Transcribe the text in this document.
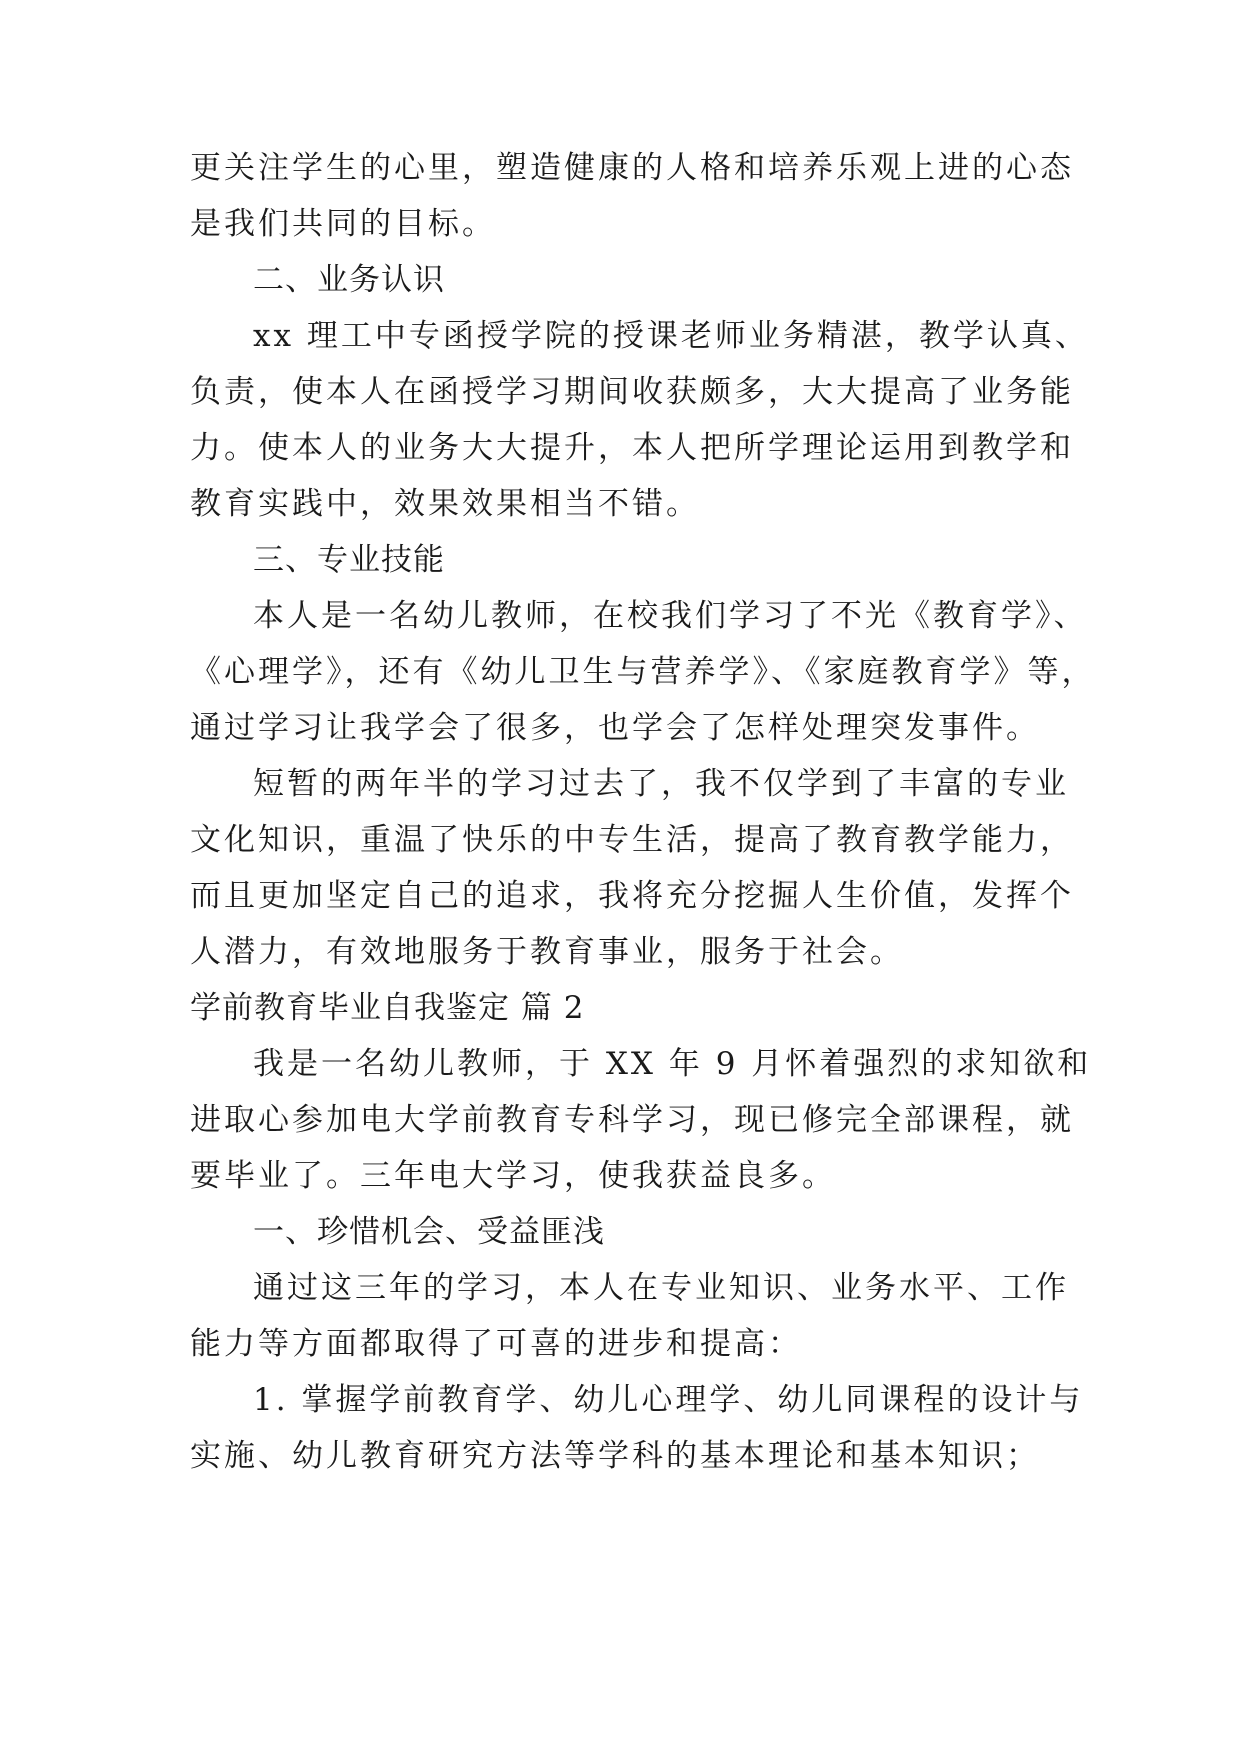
更关注学生的心里，塑造健康的人格和培养乐观上进的心态
是我们共同的目标。
二、业务认识
xx 理工中专函授学院的授课老师业务精湛，教学认真、
负责，使本人在函授学习期间收获颇多，大大提高了业务能
力。使本人的业务大大提升，本人把所学理论运用到教学和
教育实践中，效果效果相当不错。
三、专业技能
本人是一名幼儿教师，在校我们学习了不光《教育学》、
《心理学》，还有《幼儿卫生与营养学》、《家庭教育学》等，
通过学习让我学会了很多，也学会了怎样处理突发事件。
短暂的两年半的学习过去了，我不仅学到了丰富的专业
文化知识，重温了快乐的中专生活，提高了教育教学能力，
而且更加坚定自己的追求，我将充分挖掘人生价值，发挥个
人潜力，有效地服务于教育事业，服务于社会。
学前教育毕业自我鉴定 篇 2
我是一名幼儿教师，于 XX 年 9 月怀着强烈的求知欲和
进取心参加电大学前教育专科学习，现已修完全部课程，就
要毕业了。三年电大学习，使我获益良多。
一、珍惜机会、受益匪浅
通过这三年的学习，本人在专业知识、业务水平、工作
能力等方面都取得了可喜的进步和提高：
1. 掌握学前教育学、幼儿心理学、幼儿同课程的设计与
实施、幼儿教育研究方法等学科的基本理论和基本知识；
